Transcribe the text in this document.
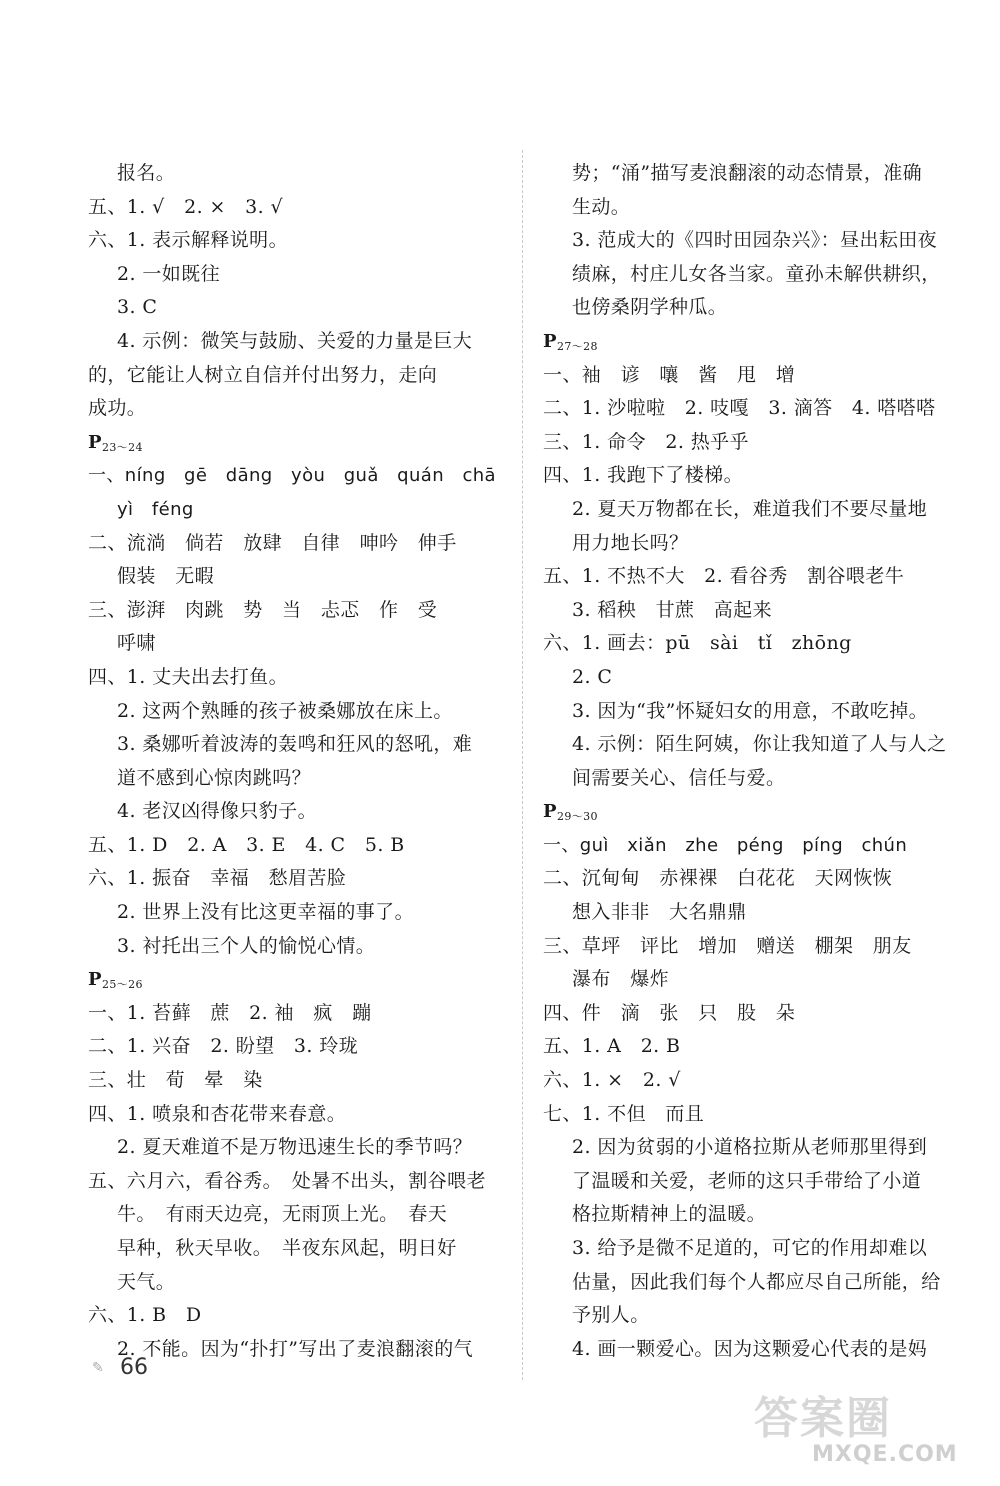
报名。
五、1. √　2. ×　3. √
六、1. 表示解释说明。
2. 一如既往
3. C
4. 示例：微笑与鼓励、关爱的力量是巨大
的，它能让人树立自信并付出努力，走向
成功。
P23～24
一、níng　gē　dāng　yòu　guǎ　quán　chā
yì　féng
二、流淌　倘若　放肆　自律　呻吟　伸手
假装　无暇
三、澎湃　肉跳　势　当　忐忑　作　受
呼啸
四、1. 丈夫出去打鱼。
2. 这两个熟睡的孩子被桑娜放在床上。
3. 桑娜听着波涛的轰鸣和狂风的怒吼，难
道不感到心惊肉跳吗？
4. 老汉凶得像只豹子。
五、1. D　2. A　3. E　4. C　5. B
六、1. 振奋　幸福　愁眉苦脸
2. 世界上没有比这更幸福的事了。
3. 衬托出三个人的愉悦心情。
P25～26
一、1. 苔藓　蔗　2. 袖　疯　蹦
二、1. 兴奋　2. 盼望　3. 玲珑
三、壮　荀　晕　染
四、1. 喷泉和杏花带来春意。
2. 夏天难道不是万物迅速生长的季节吗？
五、六月六，看谷秀。　处暑不出头，割谷喂老
牛。　有雨天边亮，无雨顶上光。　春天
早种，秋天早收。　半夜东风起，明日好
天气。
六、1. B　D
2. 不能。因为“扑打”写出了麦浪翻滚的气
势；“涌”描写麦浪翻滚的动态情景，准确
生动。
3. 范成大的《四时田园杂兴》：昼出耘田夜
绩麻，村庄儿女各当家。童孙未解供耕织，
也傍桑阴学种瓜。
P27～28
一、袖　谚　嚷　酱　甩　增
二、1. 沙啦啦　2. 吱嘎　3. 滴答　4. 嗒嗒嗒
三、1. 命令　2. 热乎乎
四、1. 我跑下了楼梯。
2. 夏天万物都在长，难道我们不要尽量地
用力地长吗？
五、1. 不热不大　2. 看谷秀　割谷喂老牛
3. 稻秧　甘蔗　高起来
六、1. 画去：pū　sài　tǐ　zhōng
2. C
3. 因为“我”怀疑妇女的用意，不敢吃掉。
4. 示例：陌生阿姨，你让我知道了人与人之
间需要关心、信任与爱。
P29～30
一、guì　xiǎn　zhe　péng　píng　chún
二、沉甸甸　赤裸裸　白花花　天网恢恢
想入非非　大名鼎鼎
三、草坪　评比　增加　赠送　棚架　朋友
瀑布　爆炸
四、件　滴　张　只　股　朵
五、1. A　2. B
六、1. ×　2. √
七、1. 不但　而且
2. 因为贫弱的小道格拉斯从老师那里得到
了温暖和关爱，老师的这只手带给了小道
格拉斯精神上的温暖。
3. 给予是微不足道的，可它的作用却难以
估量，因此我们每个人都应尽自己所能，给
予别人。
4. 画一颗爱心。因为这颗爱心代表的是妈
✎ 66
答案圈
MXQE.COM
